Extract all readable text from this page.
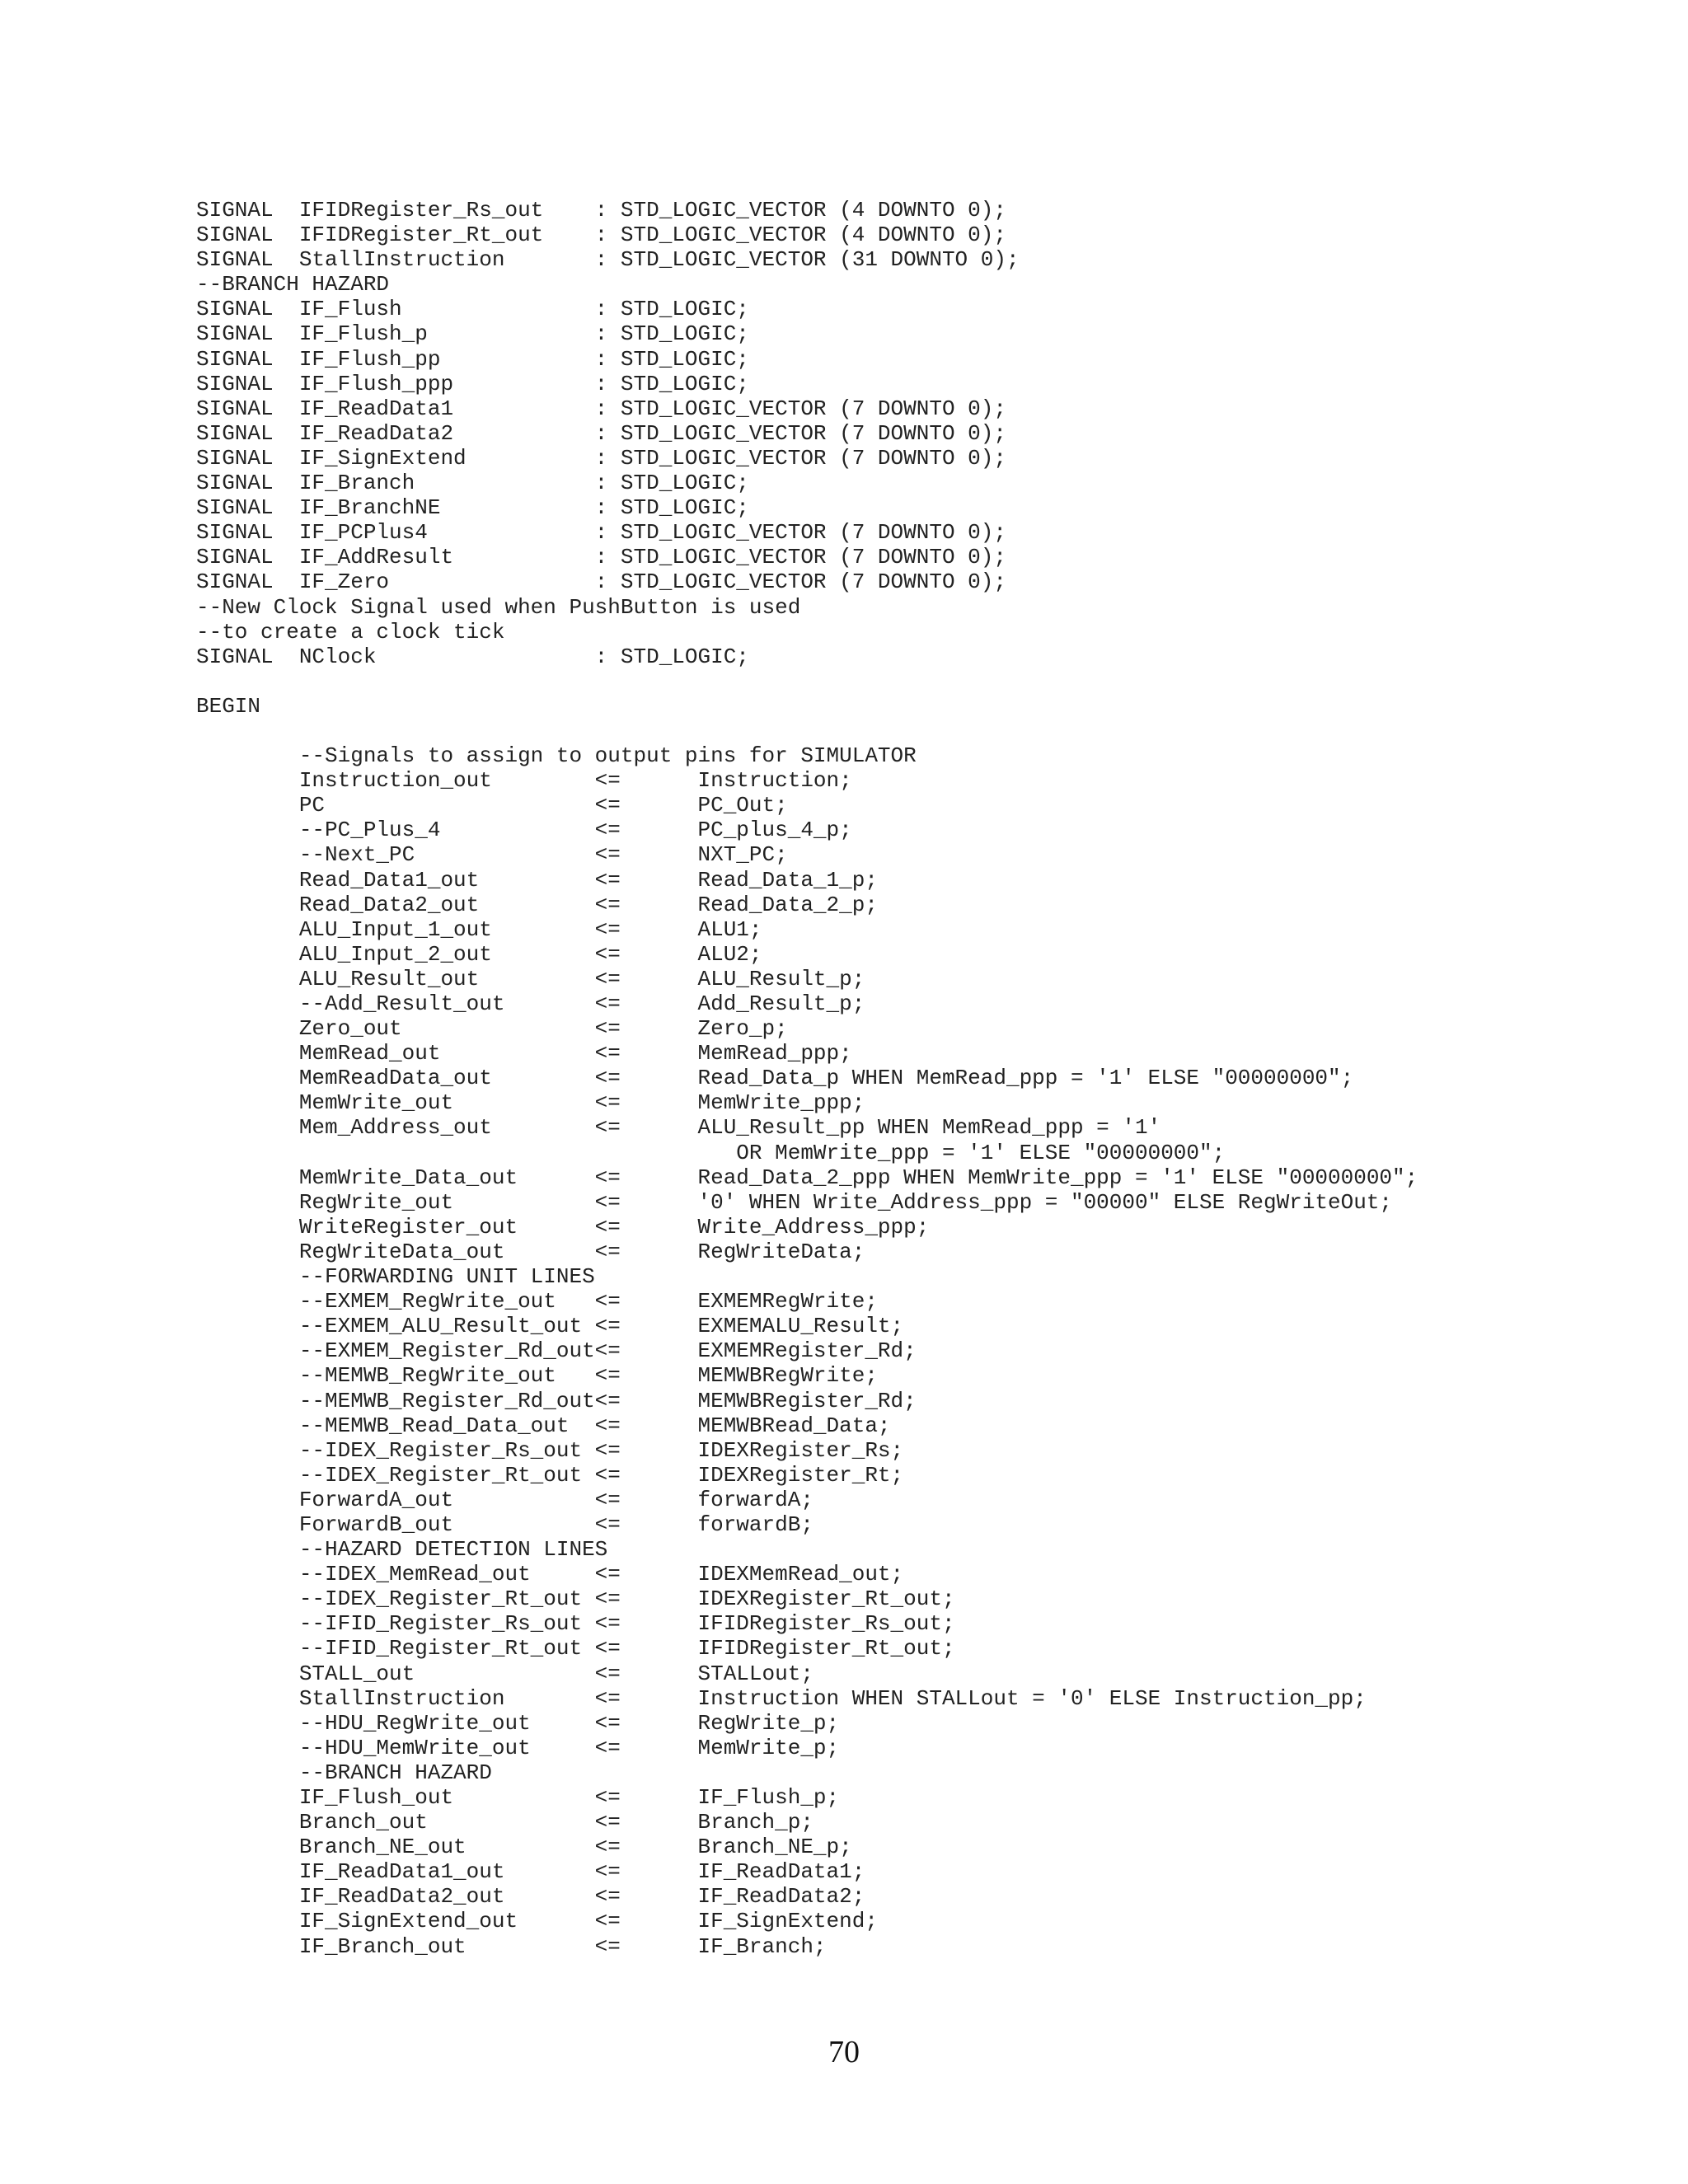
SIGNAL  IFIDRegister_Rs_out    : STD_LOGIC_VECTOR (4 DOWNTO 0);
SIGNAL  IFIDRegister_Rt_out    : STD_LOGIC_VECTOR (4 DOWNTO 0);
SIGNAL  StallInstruction       : STD_LOGIC_VECTOR (31 DOWNTO 0);
--BRANCH HAZARD
SIGNAL  IF_Flush               : STD_LOGIC;
SIGNAL  IF_Flush_p             : STD_LOGIC;
SIGNAL  IF_Flush_pp            : STD_LOGIC;
SIGNAL  IF_Flush_ppp           : STD_LOGIC;
SIGNAL  IF_ReadData1           : STD_LOGIC_VECTOR (7 DOWNTO 0);
SIGNAL  IF_ReadData2           : STD_LOGIC_VECTOR (7 DOWNTO 0);
SIGNAL  IF_SignExtend          : STD_LOGIC_VECTOR (7 DOWNTO 0);
SIGNAL  IF_Branch              : STD_LOGIC;
SIGNAL  IF_BranchNE            : STD_LOGIC;
SIGNAL  IF_PCPlus4             : STD_LOGIC_VECTOR (7 DOWNTO 0);
SIGNAL  IF_AddResult           : STD_LOGIC_VECTOR (7 DOWNTO 0);
SIGNAL  IF_Zero                : STD_LOGIC_VECTOR (7 DOWNTO 0);
--New Clock Signal used when PushButton is used
--to create a clock tick
SIGNAL  NClock                 : STD_LOGIC;
BEGIN
--Signals to assign to output pins for SIMULATOR
Instruction_out        <=      Instruction;
PC                     <=      PC_Out;
--PC_Plus_4            <=      PC_plus_4_p;
--Next_PC              <=      NXT_PC;
Read_Data1_out         <=      Read_Data_1_p;
Read_Data2_out         <=      Read_Data_2_p;
ALU_Input_1_out        <=      ALU1;
ALU_Input_2_out        <=      ALU2;
ALU_Result_out         <=      ALU_Result_p;
--Add_Result_out       <=      Add_Result_p;
Zero_out               <=      Zero_p;
MemRead_out            <=      MemRead_ppp;
MemReadData_out        <=      Read_Data_p WHEN MemRead_ppp = '1' ELSE "00000000";
MemWrite_out           <=      MemWrite_ppp;
Mem_Address_out        <=      ALU_Result_pp WHEN MemRead_ppp = '1'
OR MemWrite_ppp = '1' ELSE "00000000";
MemWrite_Data_out      <=      Read_Data_2_ppp WHEN MemWrite_ppp = '1' ELSE "00000000";
RegWrite_out           <=      '0' WHEN Write_Address_ppp = "00000" ELSE RegWriteOut;
WriteRegister_out      <=      Write_Address_ppp;
RegWriteData_out       <=      RegWriteData;
--FORWARDING UNIT LINES
--EXMEM_RegWrite_out   <=      EXMEMRegWrite;
--EXMEM_ALU_Result_out <=      EXMEMALU_Result;
--EXMEM_Register_Rd_out<=      EXMEMRegister_Rd;
--MEMWB_RegWrite_out   <=      MEMWBRegWrite;
--MEMWB_Register_Rd_out<=      MEMWBRegister_Rd;
--MEMWB_Read_Data_out  <=      MEMWBRead_Data;
--IDEX_Register_Rs_out <=      IDEXRegister_Rs;
--IDEX_Register_Rt_out <=      IDEXRegister_Rt;
ForwardA_out           <=      forwardA;
ForwardB_out           <=      forwardB;
--HAZARD DETECTION LINES
--IDEX_MemRead_out     <=      IDEXMemRead_out;
--IDEX_Register_Rt_out <=      IDEXRegister_Rt_out;
--IFID_Register_Rs_out <=      IFIDRegister_Rs_out;
--IFID_Register_Rt_out <=      IFIDRegister_Rt_out;
STALL_out              <=      STALLout;
StallInstruction       <=      Instruction WHEN STALLout = '0' ELSE Instruction_pp;
--HDU_RegWrite_out     <=      RegWrite_p;
--HDU_MemWrite_out     <=      MemWrite_p;
--BRANCH HAZARD
IF_Flush_out           <=      IF_Flush_p;
Branch_out             <=      Branch_p;
Branch_NE_out          <=      Branch_NE_p;
IF_ReadData1_out       <=      IF_ReadData1;
IF_ReadData2_out       <=      IF_ReadData2;
IF_SignExtend_out      <=      IF_SignExtend;
IF_Branch_out          <=      IF_Branch;
70
